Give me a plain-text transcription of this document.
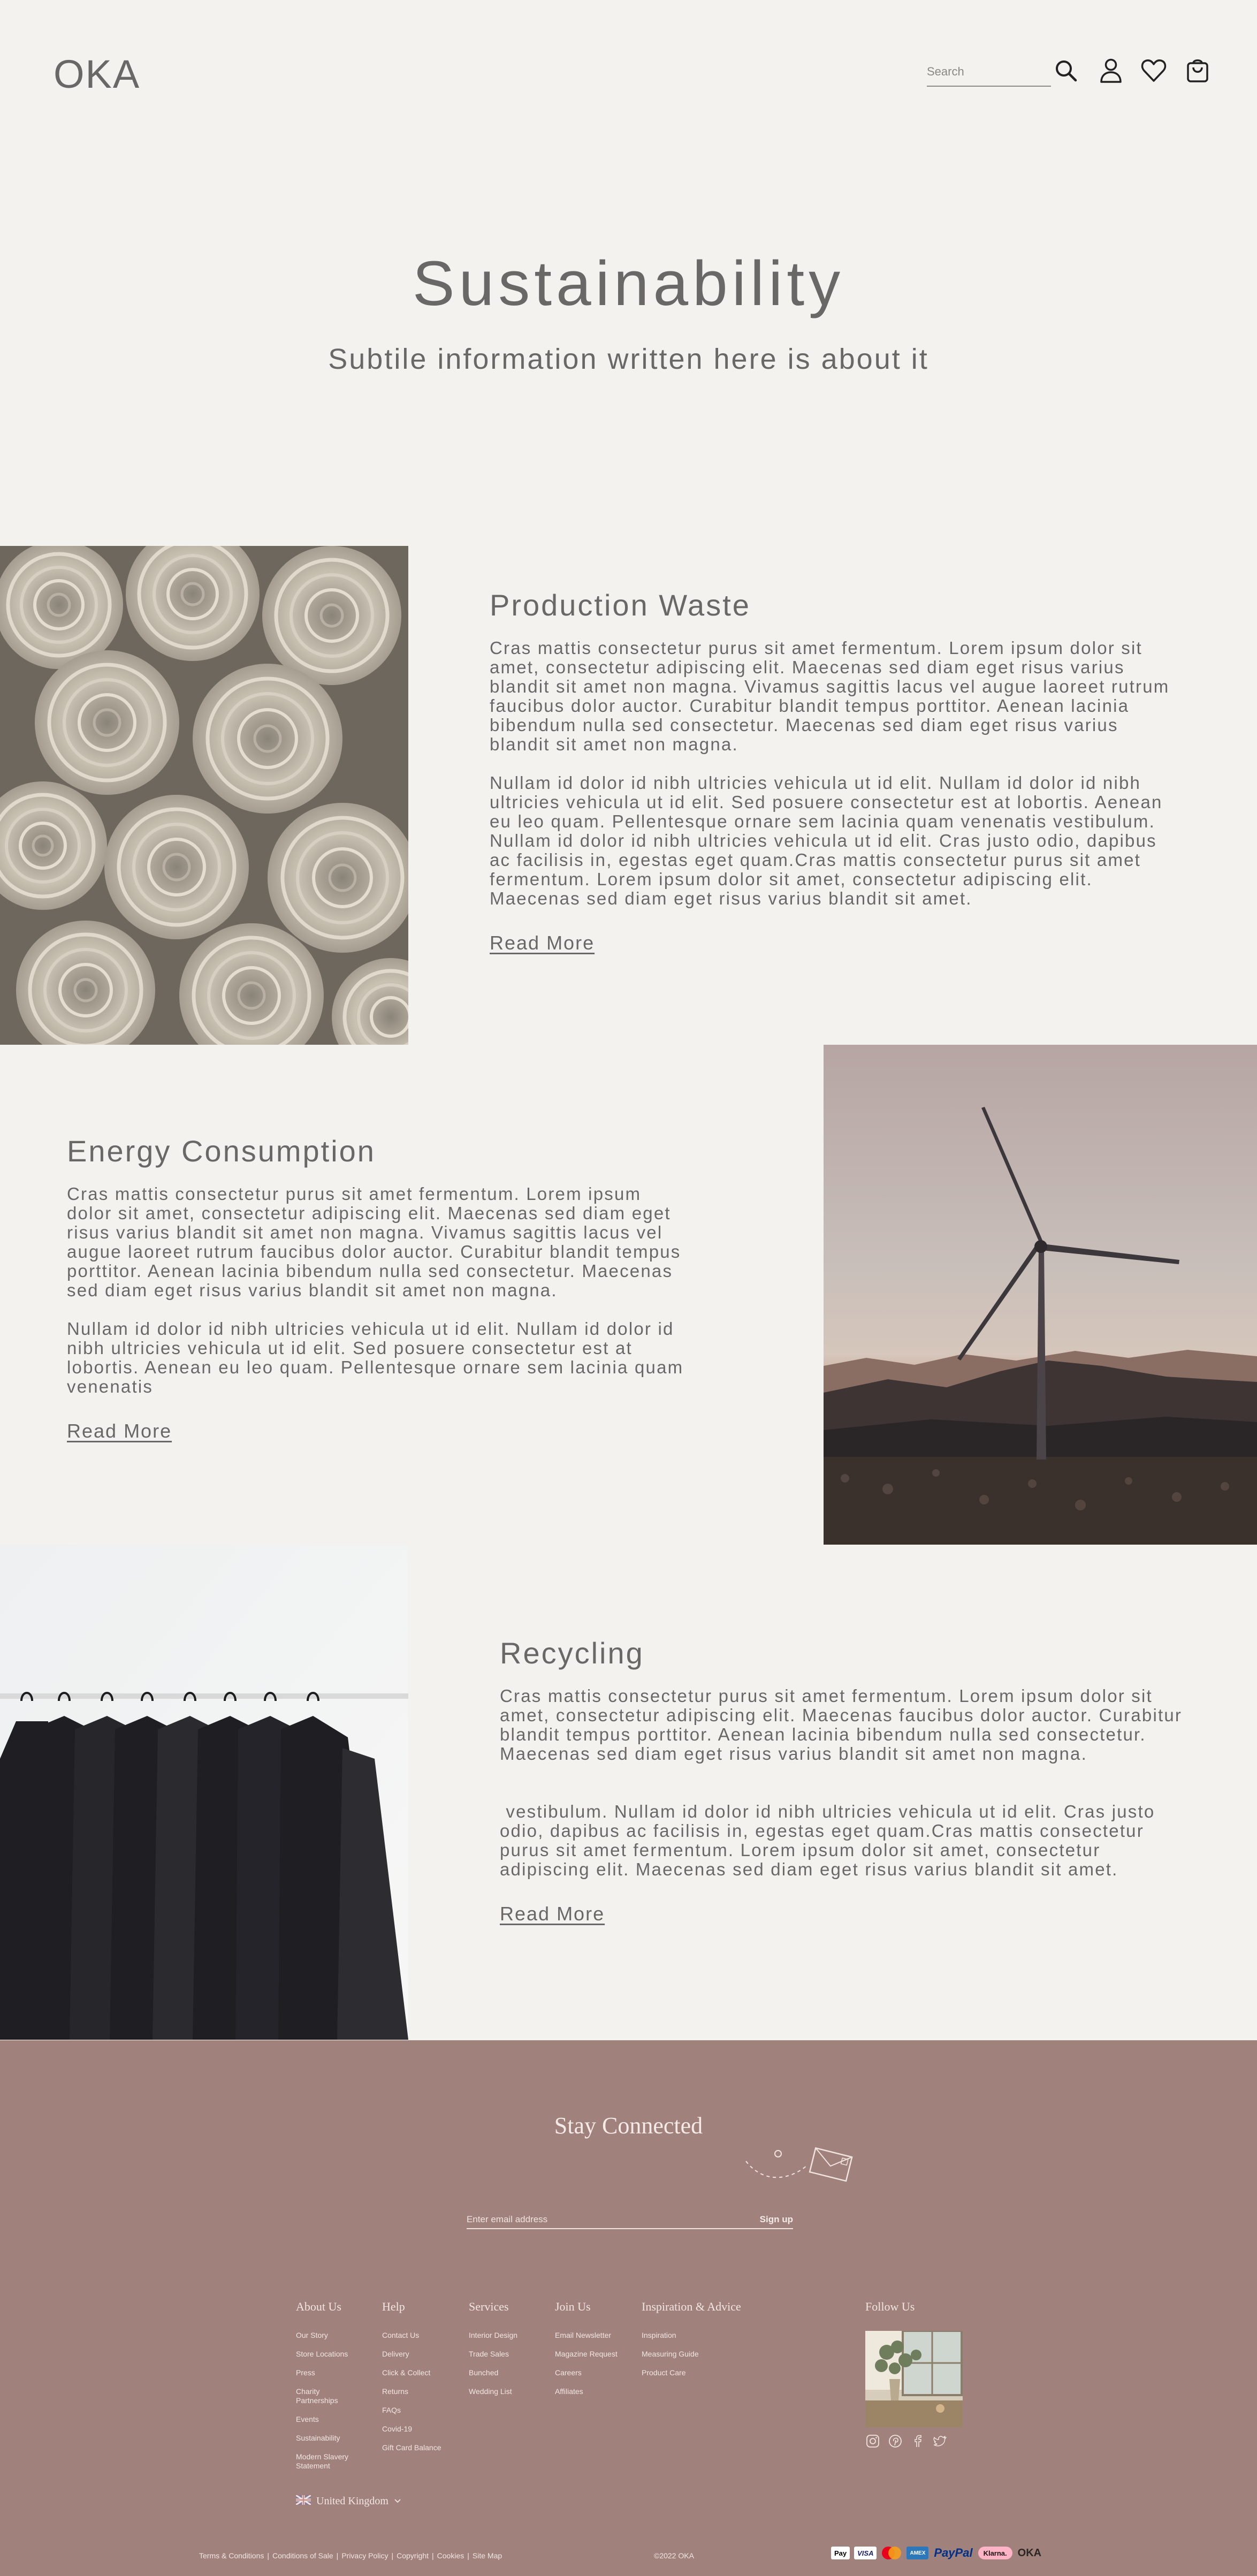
OKA
Search
Sustainability

Subtile information written here is about it

Production Waste

Cras mattis consectetur purus sit amet fermentum. Lorem ipsum dolor sit amet, consectetur adipiscing elit. Maecenas sed diam eget risus varius blandit sit amet non magna. Vivamus sagittis lacus vel augue laoreet rutrum faucibus dolor auctor. Curabitur blandit tempus porttitor. Aenean lacinia bibendum nulla sed consectetur. Maecenas sed diam eget risus varius blandit sit amet non magna.

Nullam id dolor id nibh ultricies vehicula ut id elit. Nullam id dolor id nibh ultricies vehicula ut id elit. Sed posuere consectetur est at lobortis. Aenean eu leo quam. Pellentesque ornare sem lacinia quam venenatis vestibulum. Nullam id dolor id nibh ultricies vehicula ut id elit. Cras justo odio, dapibus ac facilisis in, egestas eget quam.Cras mattis consectetur purus sit amet fermentum. Lorem ipsum dolor sit amet, consectetur adipiscing elit. Maecenas sed diam eget risus varius blandit sit amet.

Read More
Energy Consumption

Cras mattis consectetur purus sit amet fermentum. Lorem ipsum dolor sit amet, consectetur adipiscing elit. Maecenas sed diam eget risus varius blandit sit amet non magna. Vivamus sagittis lacus vel augue laoreet rutrum faucibus dolor auctor. Curabitur blandit tempus porttitor. Aenean lacinia bibendum nulla sed consectetur. Maecenas sed diam eget risus varius blandit sit amet non magna.

Nullam id dolor id nibh ultricies vehicula ut id elit. Nullam id dolor id nibh ultricies vehicula ut id elit. Sed posuere consectetur est at lobortis. Aenean eu leo quam. Pellentesque ornare sem lacinia quam venenatis

Read More
Recycling

Cras mattis consectetur purus sit amet fermentum. Lorem ipsum dolor sit amet, consectetur adipiscing elit. Maecenas faucibus dolor auctor. Curabitur blandit tempus porttitor. Aenean lacinia bibendum nulla sed consectetur. Maecenas sed diam eget risus varius blandit sit amet non magna.

vestibulum. Nullam id dolor id nibh ultricies vehicula ut id elit. Cras justo odio, dapibus ac facilisis in, egestas eget quam.Cras mattis consectetur purus sit amet fermentum. Lorem ipsum dolor sit amet, consectetur adipiscing elit. Maecenas sed diam eget risus varius blandit sit amet.

Read More
Stay Connected
Enter email address
Sign up
About Us
Our Story
Store Locations
Press
Charity Partnerships
Events
Sustainability
Modern Slavery Statement
Help
Contact Us
Delivery
Click & Collect
Returns
FAQs
Covid-19
Gift Card Balance
Services
Interior Design
Trade Sales
Bunched
Wedding List
Join Us
Email Newsletter
Magazine Request
Careers
Affiliates
Inspiration & Advice
Inspiration
Measuring Guide
Product Care
Follow Us
United Kingdom
Terms & Conditions | Conditions of Sale | Privacy Policy | Copyright | Cookies | Site Map	©2022 OKA	Pay	VISA	AMEX PayPal	Klarna.	OKA
